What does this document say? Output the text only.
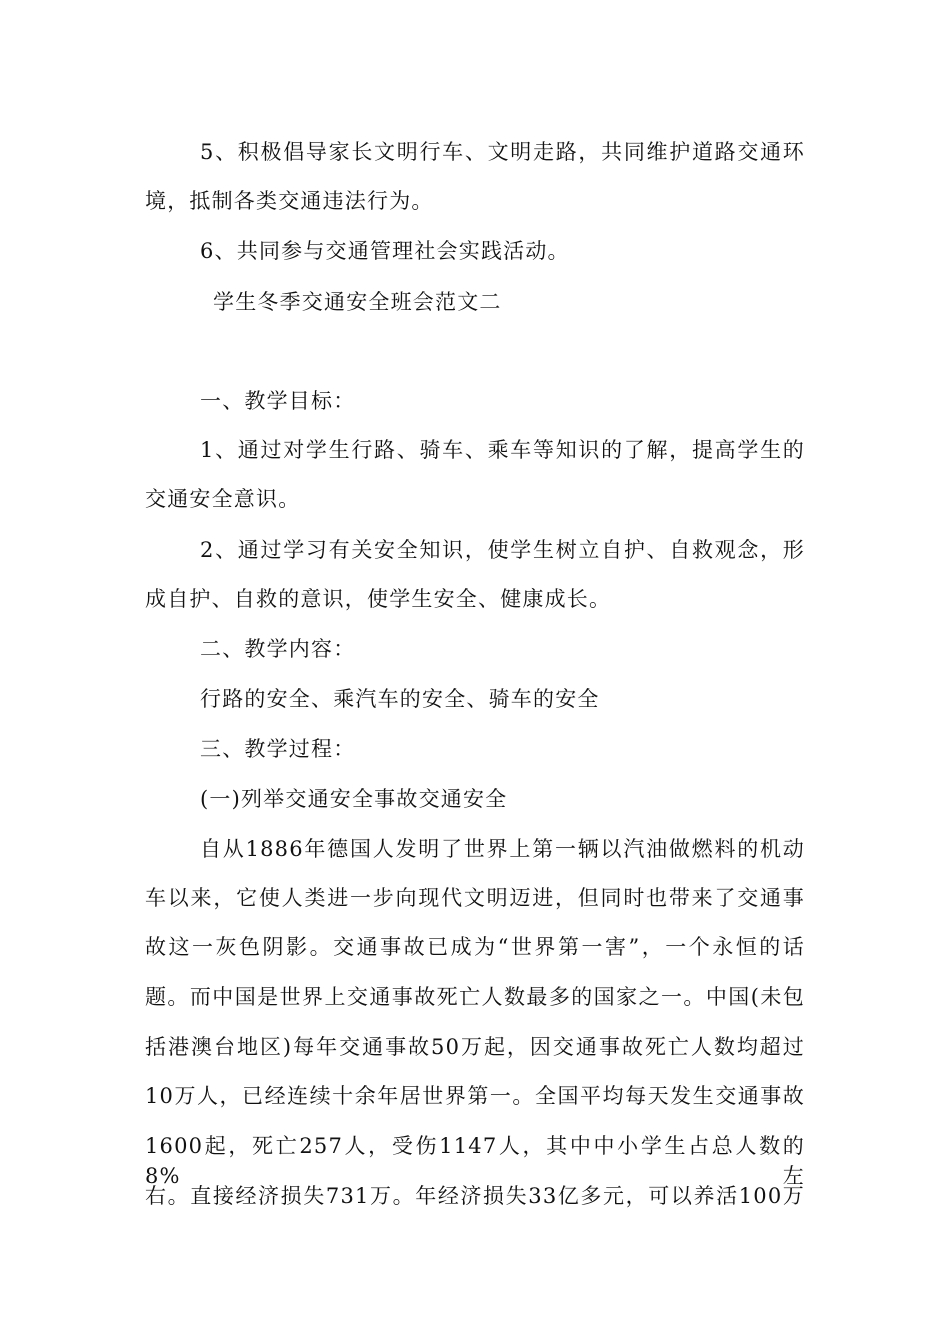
5、积极倡导家长文明行车、文明走路，共同维护道路交通环
境，抵制各类交通违法行为。
6、共同参与交通管理社会实践活动。
学生冬季交通安全班会范文二
一、教学目标：
1、通过对学生行路、骑车、乘车等知识的了解，提高学生的
交通安全意识。
2、通过学习有关安全知识，使学生树立自护、自救观念，形
成自护、自救的意识，使学生安全、健康成长。
二、教学内容：
行路的安全、乘汽车的安全、骑车的安全
三、教学过程：
(一)列举交通安全事故交通安全
自从1886年德国人发明了世界上第一辆以汽油做燃料的机动
车以来，它使人类进一步向现代文明迈进，但同时也带来了交通事
故这一灰色阴影。交通事故已成为“世界第一害”，一个永恒的话
题。而中国是世界上交通事故死亡人数最多的国家之一。中国(未包
括港澳台地区)每年交通事故50万起，因交通事故死亡人数均超过
10万人，已经连续十余年居世界第一。全国平均每天发生交通事故
1600起，死亡257人，受伤1147人，其中中小学生占总人数的8%左
右。直接经济损失731万。年经济损失33亿多元，可以养活100万
